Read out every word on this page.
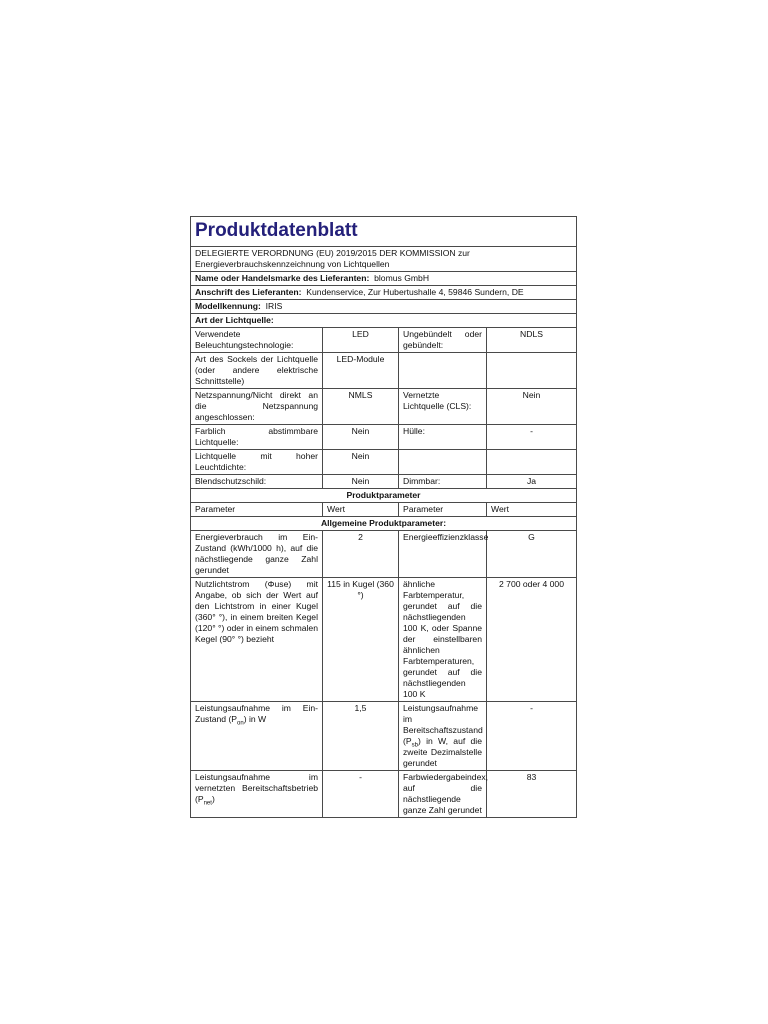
Produktdatenblatt			
DELEGIERTE VERORDNUNG (EU) 2019/2015 DER KOMMISSION zur Energieverbrauchskennzeichnung von Lichtquellen			
Name oder Handelsmarke des Lieferanten: blomus GmbH			
Anschrift des Lieferanten: Kundenservice, Zur Hubertushalle 4, 59846 Sundern, DE			
Modellkennung: IRIS			
Art der Lichtquelle:			
Verwendete Beleuchtungstechnologie:	LED	Ungebündelt oder gebündelt:	NDLS
Art des Sockels der Lichtquelle (oder andere elektrische Schnittstelle)	LED-Module		
Netzspannung/Nicht direkt an die Netzspannung angeschlossen:	NMLS	Vernetzte Lichtquelle (CLS):	Nein
Farblich abstimmbare Lichtquelle:	Nein	Hülle:	-
Lichtquelle mit hoher Leuchtdichte:	Nein		
Blendschutzschild:	Nein	Dimmbar:	Ja
Produktparameter			
Parameter	Wert	Parameter	Wert
Allgemeine Produktparameter:			
Energieverbrauch im Ein-Zustand (kWh/1000 h), auf die nächstliegende ganze Zahl gerundet	2	Energieeffizienzklasse	G
Nutzlichtstrom (Φuse) mit Angabe, ob sich der Wert auf den Lichtstrom in einer Kugel (360° °), in einem breiten Kegel (120° °) oder in einem schmalen Kegel (90° °) bezieht	115 in Kugel (360 °)	ähnliche Farbtemperatur, gerundet auf die nächstliegenden 100 K, oder Spanne der einstellbaren ähnlichen Farbtemperaturen, gerundet auf die nächstliegenden 100 K	2 700 oder 4 000
Leistungsaufnahme im Ein-Zustand $(P_{on})$ in W	1,5	Leistungsaufnahme im Bereitschaftszustand $(P_{sb})$ in W, auf die zweite Dezimalstelle gerundet	-
Leistungsaufnahme im vernetzten Bereitschaftsbetrieb $(P_{net})$	-	Farbwiedergabeindex, auf die nächstliegende ganze Zahl gerundet	83
